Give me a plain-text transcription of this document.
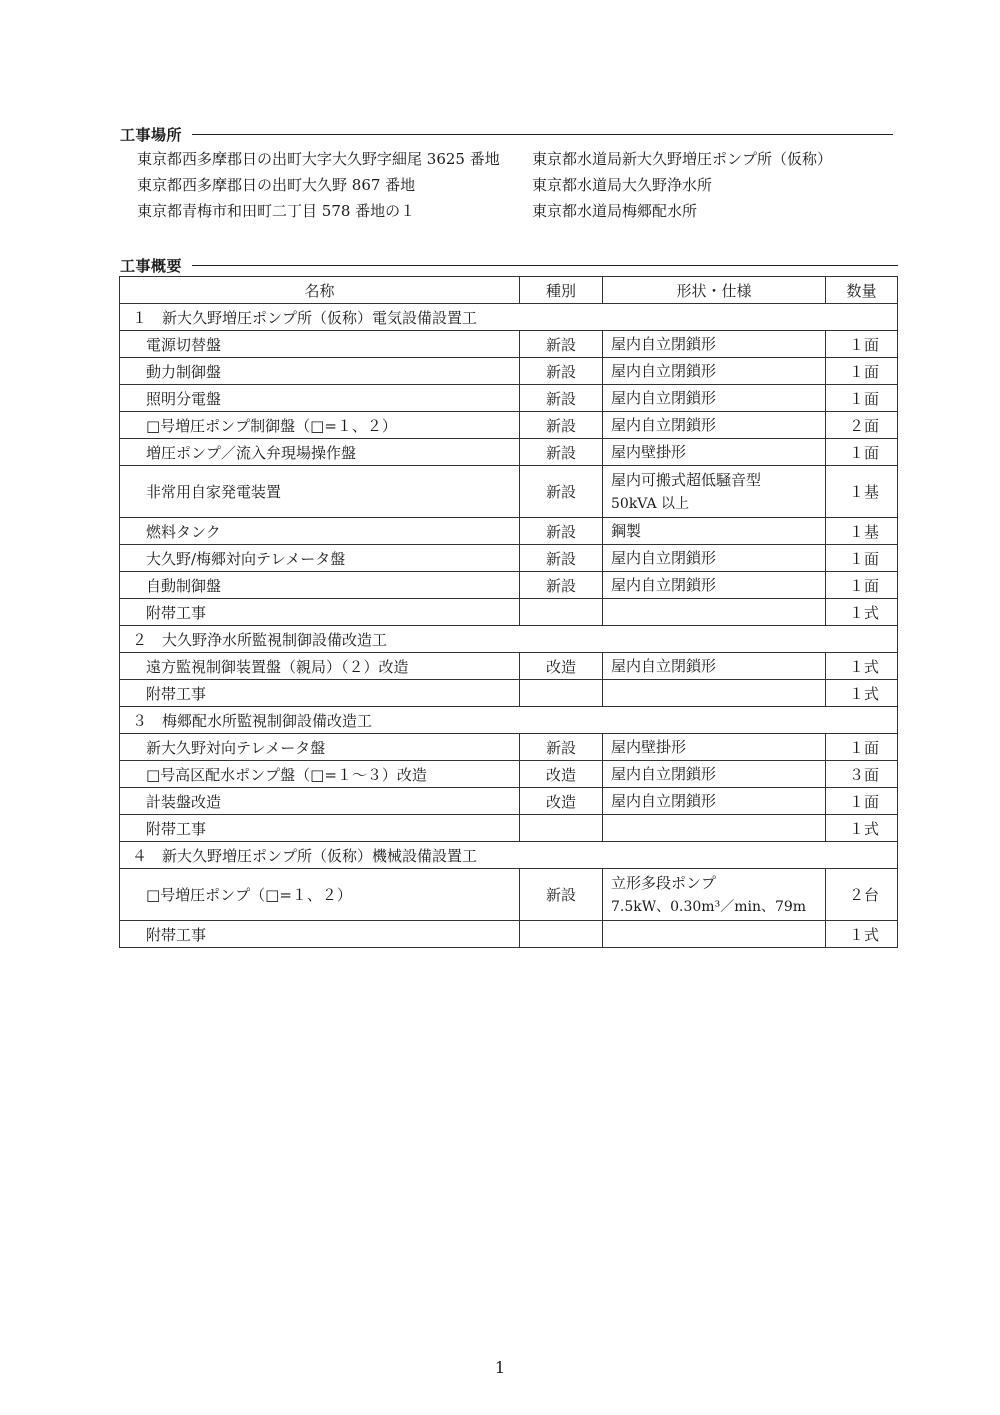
工事場所
東京都西多摩郡日の出町大字大久野字細尾 3625 番地	東京都水道局新大久野増圧ポンプ所（仮称）
東京都西多摩郡日の出町大久野 867 番地	東京都水道局大久野浄水所
東京都青梅市和田町二丁目 578 番地の１	東京都水道局梅郷配水所
工事概要
名称	種別	形状・仕様	数量
１　新大久野増圧ポンプ所（仮称）電気設備設置工			
電源切替盤	新設	屋内自立閉鎖形	１面
動力制御盤	新設	屋内自立閉鎖形	１面
照明分電盤	新設	屋内自立閉鎖形	１面
□号増圧ポンプ制御盤（□=１、２）	新設	屋内自立閉鎖形	２面
増圧ポンプ／流入弁現場操作盤	新設	屋内壁掛形	１面
非常用自家発電装置	新設	屋内可搬式超低騒音型
50kVA 以上	１基
燃料タンク	新設	鋼製	１基
大久野/梅郷対向テレメータ盤	新設	屋内自立閉鎖形	１面
自動制御盤	新設	屋内自立閉鎖形	１面
附帯工事			１式
２　大久野浄水所監視制御設備改造工			
遠方監視制御装置盤（親局）（２）改造	改造	屋内自立閉鎖形	１式
附帯工事			１式
３　梅郷配水所監視制御設備改造工			
新大久野対向テレメータ盤	新設	屋内壁掛形	１面
□号高区配水ポンプ盤（□=１～３）改造	改造	屋内自立閉鎖形	３面
計装盤改造	改造	屋内自立閉鎖形	１面
附帯工事			１式
４　新大久野増圧ポンプ所（仮称）機械設備設置工			
□号増圧ポンプ（□=１、２）	新設	立形多段ポンプ
7.5kW、0.30m³／min、79m	２台
附帯工事			１式
1
